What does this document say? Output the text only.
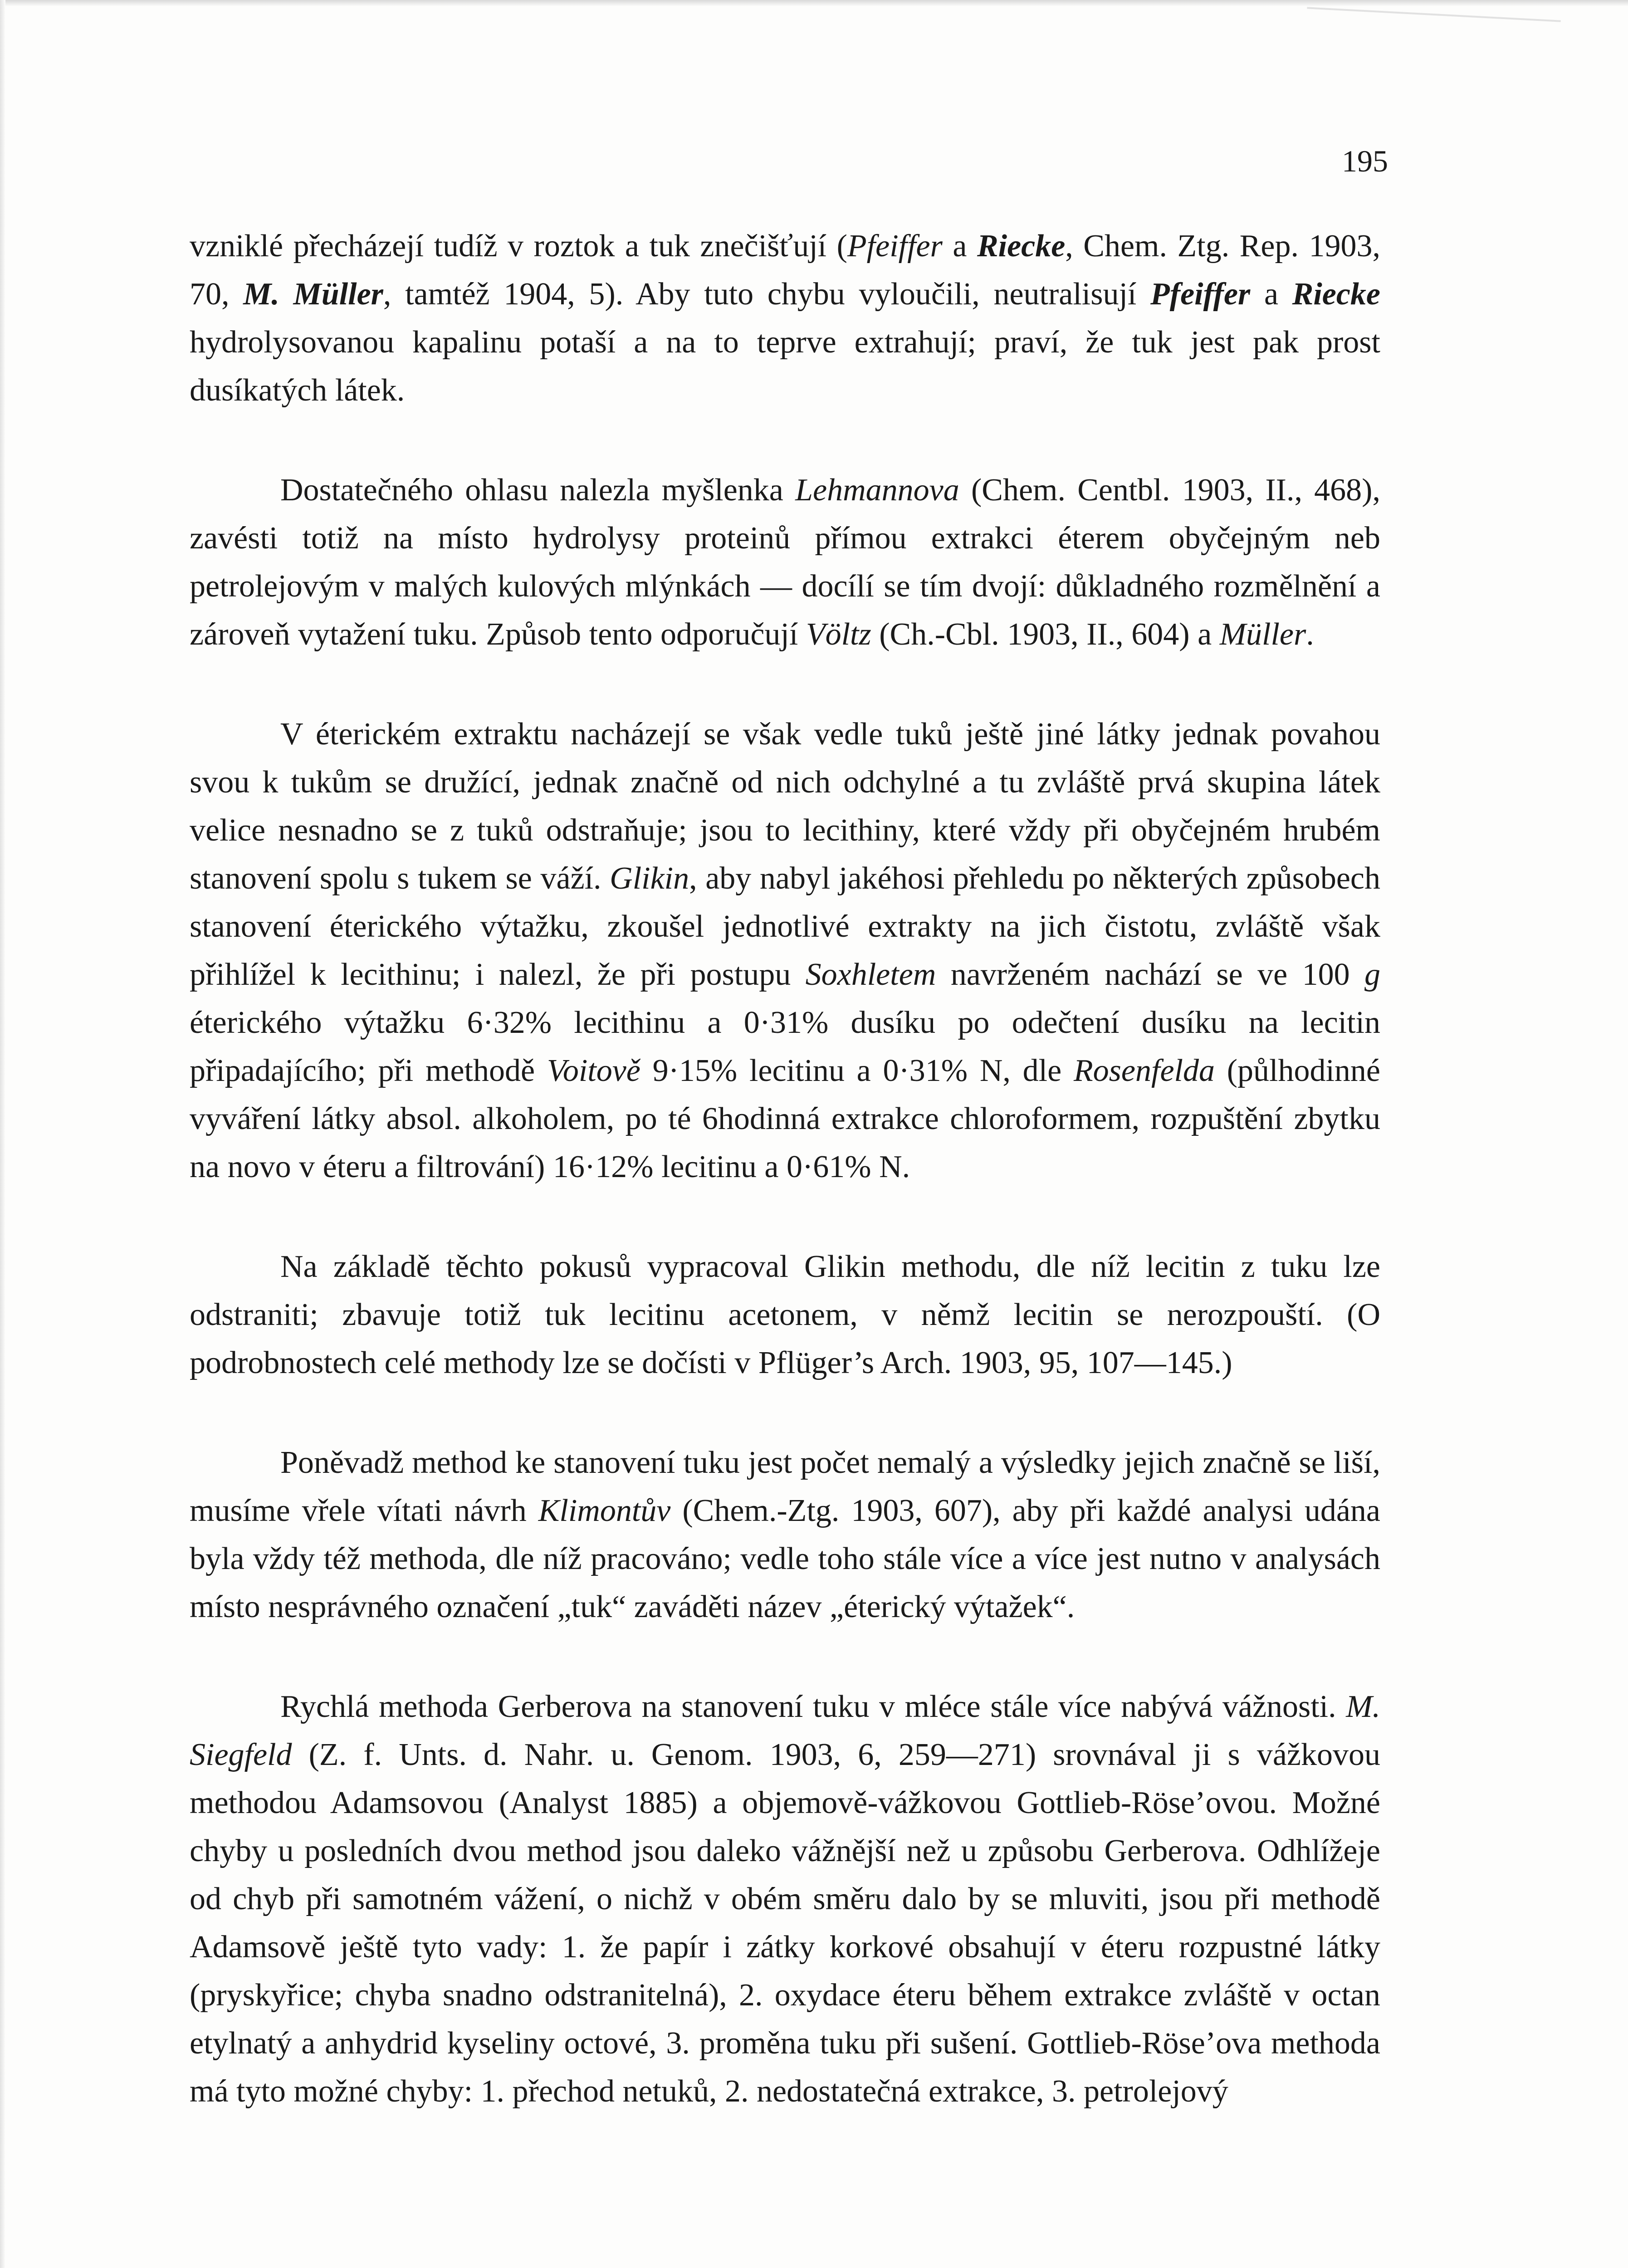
195

vzniklé přecházejí tudíž v roztok a tuk znečišťují (Pfeiffer a Riecke, Chem. Ztg. Rep. 1903, 70, M. Müller, tamtéž 1904, 5). Aby tuto chybu vyloučili, neutralisují Pfeiffer a Riecke hydrolysovanou kapalinu potaší a na to teprve extrahují; praví, že tuk jest pak prost dusíkatých látek.

Dostatečného ohlasu nalezla myšlenka Lehmannova (Chem. Centbl. 1903, II., 468), zavésti totiž na místo hydrolysy proteinů přímou extrakci éterem obyčejným neb petrolejovým v malých kulových mlýnkách — docílí se tím dvojí: důkladného rozmělnění a zároveň vytažení tuku. Způsob tento odporučují Völtz (Ch.-Cbl. 1903, II., 604) a Müller.

V éterickém extraktu nacházejí se však vedle tuků ještě jiné látky jednak povahou svou k tukům se družící, jednak značně od nich odchylné a tu zvláště prvá skupina látek velice nesnadno se z tuků odstraňuje; jsou to lecithiny, které vždy při obyčejném hrubém stanovení spolu s tukem se váží. Glikin, aby nabyl jakéhosi přehledu po některých způsobech stanovení éterického výtažku, zkoušel jednotlivé extrakty na jich čistotu, zvláště však přihlížel k lecithinu; i nalezl, že při postupu Soxhletem navrženém nachází se ve 100 g éterického výtažku 6·32% lecithinu a 0·31% dusíku po odečtení dusíku na lecitin připadajícího; při methodě Voitově 9·15% lecitinu a 0·31% N, dle Rosenfelda (půlhodinné vyváření látky absol. alkoholem, po té 6hodinná extrakce chloroformem, rozpuštění zbytku na novo v éteru a filtrování) 16·12% lecitinu a 0·61% N.

Na základě těchto pokusů vypracoval Glikin methodu, dle níž lecitin z tuku lze odstraniti; zbavuje totiž tuk lecitinu acetonem, v němž lecitin se nerozpouští. (O podrobnostech celé methody lze se dočísti v Pflüger’s Arch. 1903, 95, 107—145.)

Poněvadž method ke stanovení tuku jest počet nemalý a výsledky jejich značně se liší, musíme vřele vítati návrh Klimontův (Chem.-Ztg. 1903, 607), aby při každé analysi udána byla vždy též methoda, dle níž pracováno; vedle toho stále více a více jest nutno v analysách místo nesprávného označení „tuk“ zaváděti název „éterický výtažek“.

Rychlá methoda Gerberova na stanovení tuku v mléce stále více nabývá vážnosti. M. Siegfeld (Z. f. Unts. d. Nahr. u. Genom. 1903, 6, 259—271) srovnával ji s vážkovou methodou Adamsovou (Analyst 1885) a objemově-vážkovou Gottlieb-Röse’ovou. Možné chyby u posledních dvou method jsou daleko vážnější než u způsobu Gerberova. Odhlížeje od chyb při samotném vážení, o nichž v obém směru dalo by se mluviti, jsou při methodě Adamsově ještě tyto vady: 1. že papír i zátky korkové obsahují v éteru rozpustné látky (pryskyřice; chyba snadno odstranitelná), 2. oxydace éteru během extrakce zvláště v octan etylnatý a anhydrid kyseliny octové, 3. proměna tuku při sušení. Gottlieb-Röse’ova methoda má tyto možné chyby: 1. přechod netuků, 2. nedostatečná extrakce, 3. petrolejový
